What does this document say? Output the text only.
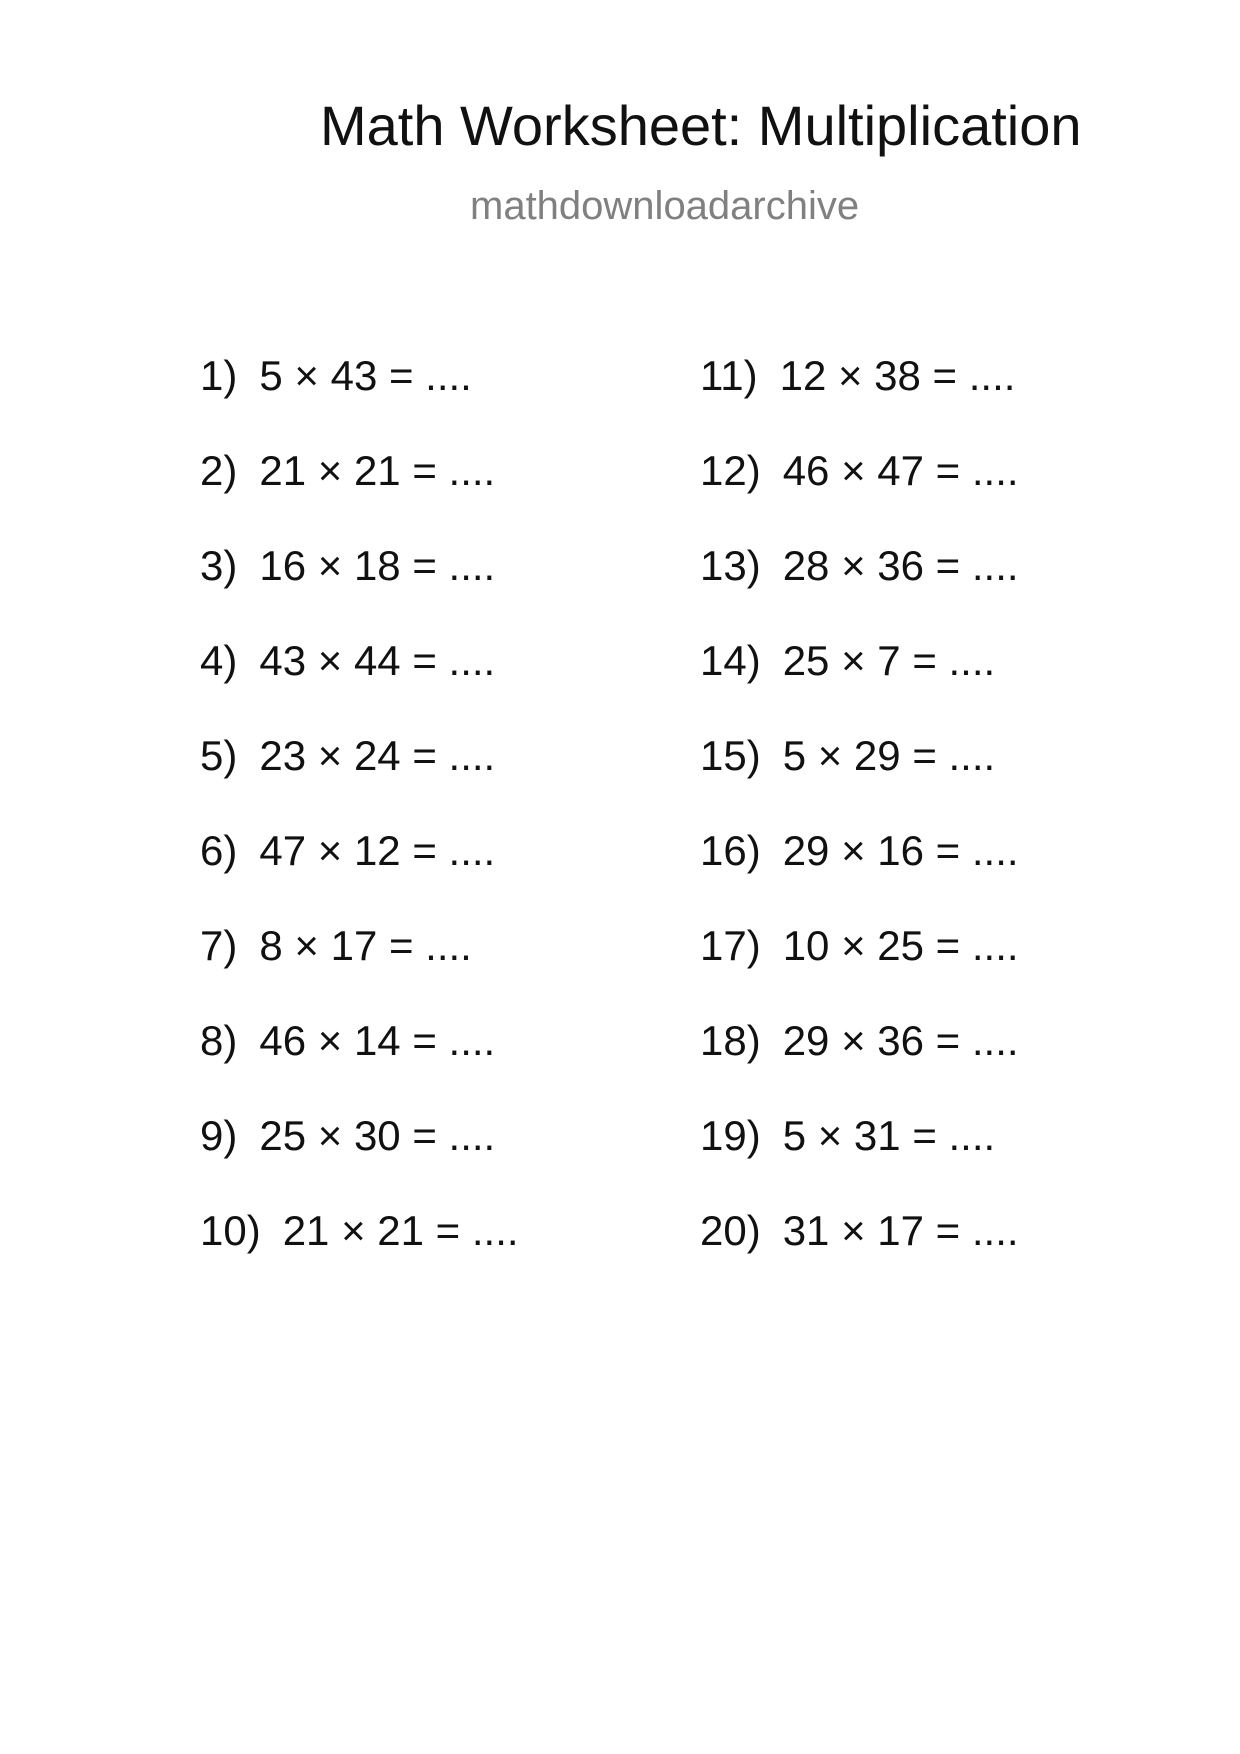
Math Worksheet: Multiplication
mathdownloadarchive
1) 5 × 43 = ....
2) 21 × 21 = ....
3) 16 × 18 = ....
4) 43 × 44 = ....
5) 23 × 24 = ....
6) 47 × 12 = ....
7) 8 × 17 = ....
8) 46 × 14 = ....
9) 25 × 30 = ....
10) 21 × 21 = ....
11) 12 × 38 = ....
12) 46 × 47 = ....
13) 28 × 36 = ....
14) 25 × 7 = ....
15) 5 × 29 = ....
16) 29 × 16 = ....
17) 10 × 25 = ....
18) 29 × 36 = ....
19) 5 × 31 = ....
20) 31 × 17 = ....
